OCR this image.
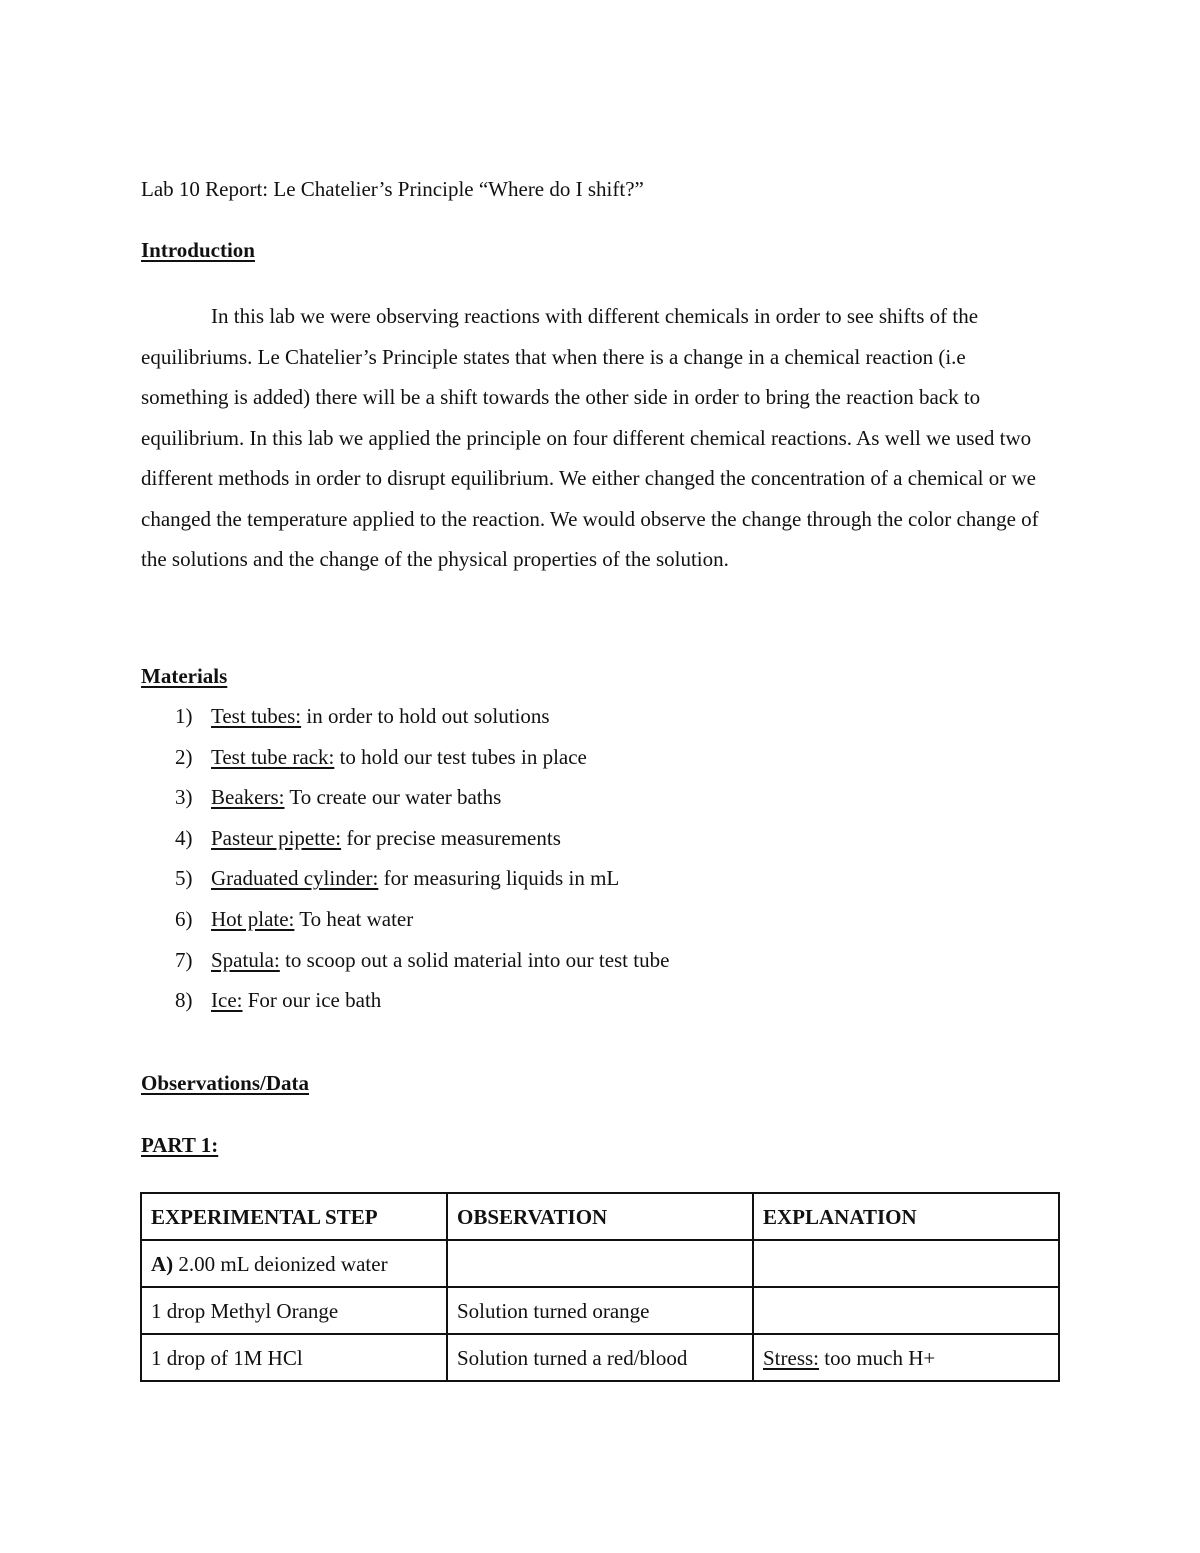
Lab 10 Report: Le Chatelier’s Principle “Where do I shift?”
Introduction

In this lab we were observing reactions with different chemicals in order to see shifts of the equilibriums. Le Chatelier’s Principle states that when there is a change in a chemical reaction (i.e something is added) there will be a shift towards the other side in order to bring the reaction back to equilibrium. In this lab we applied the principle on four different chemical reactions. As well we used two different methods in order to disrupt equilibrium. We either changed the concentration of a chemical or we changed the temperature applied to the reaction. We would observe the change through the color change of the solutions and the change of the physical properties of the solution.

Materials
1) Test tubes: in order to hold out solutions
2) Test tube rack: to hold our test tubes in place
3) Beakers: To create our water baths
4) Pasteur pipette: for precise measurements
5) Graduated cylinder: for measuring liquids in mL
6) Hot plate: To heat water
7) Spatula: to scoop out a solid material into our test tube
8) Ice: For our ice bath
Observations/Data
PART 1:
EXPERIMENTAL STEP	OBSERVATION	EXPLANATION
A) 2.00 mL deionized water		
1 drop Methyl Orange	Solution turned orange	
1 drop of 1M HCl	Solution turned a red/blood	Stress: too much H+
